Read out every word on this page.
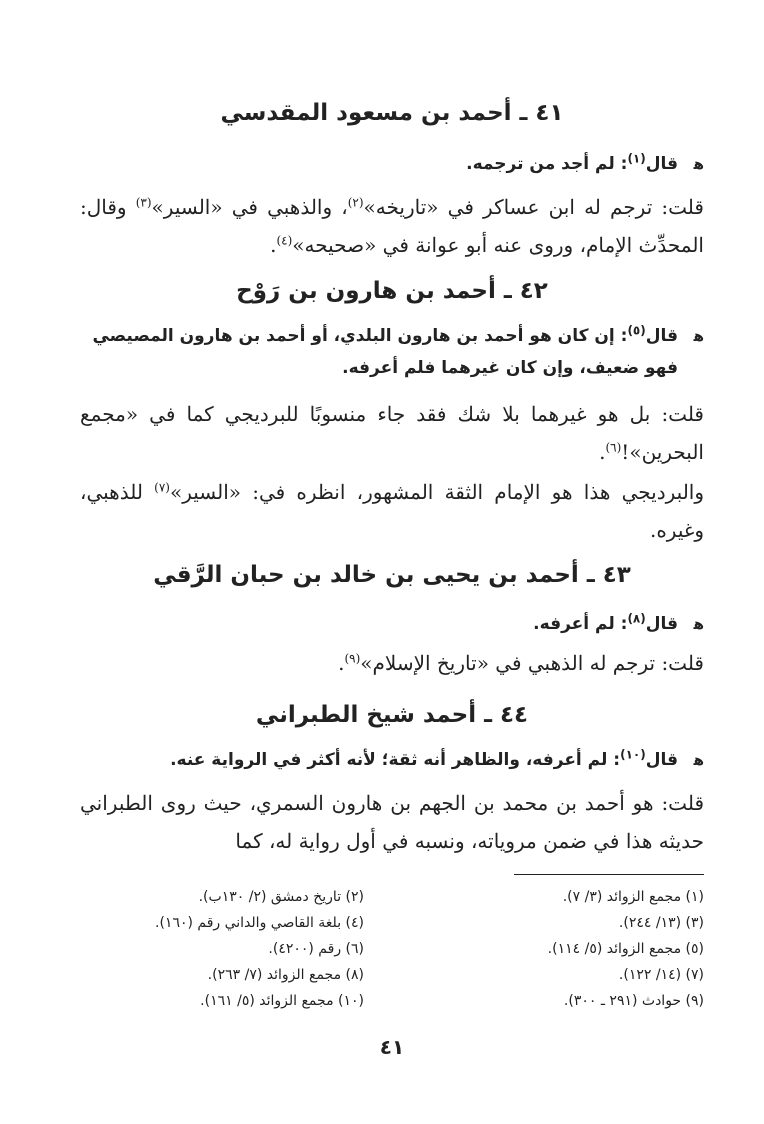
٤١ ـ أحمد بن مسعود المقدسي

ﻫ
قال$^{(١)}$: لم أجد من ترجمه.

قلت: ترجم له ابن عساكر في «تاريخه»$^{(٢)}$، والذهبي في «السير»$^{(٣)}$ وقال: المحدِّث الإمام، وروى عنه أبو عوانة في «صحيحه»$^{(٤)}$.

٤٢ ـ أحمد بن هارون بن رَوْح

ﻫ
قال$^{(٥)}$: إن كان هو أحمد بن هارون البلدي، أو أحمد بن هارون المصيصي فهو ضعيف، وإن كان غيرهما فلم أعرفه.

قلت: بل هو غيرهما بلا شك فقد جاء منسوبًا للبرديجي كما في «مجمع البحرين»!$^{(٦)}$.

والبرديجي هذا هو الإمام الثقة المشهور، انظره في: «السير»$^{(٧)}$ للذهبي، وغيره.

٤٣ ـ أحمد بن يحيى بن خالد بن حبان الرَّقي

ﻫ
قال$^{(٨)}$: لم أعرفه.

قلت: ترجم له الذهبي في «تاريخ الإسلام»$^{(٩)}$.

٤٤ ـ أحمد شيخ الطبراني

ﻫ
قال$^{(١٠)}$: لم أعرفه، والظاهر أنه ثقة؛ لأنه أكثر في الرواية عنه.

قلت: هو أحمد بن محمد بن الجهم بن هارون السمري، حيث روى الطبراني حديثه هذا في ضمن مروياته، ونسبه في أول رواية له، كما

(١) مجمع الزوائد (٣/ ٧).
(٢) تاريخ دمشق (٢/ ١٣٠ب).
(٣) (١٣/ ٢٤٤).
(٤) بلغة القاصي والداني رقم (١٦٠).
(٥) مجمع الزوائد (٥/ ١١٤).
(٦) رقم (٤٢٠٠).
(٧) (١٤/ ١٢٢).
(٨) مجمع الزوائد (٧/ ٢٦٣).
(٩) حوادث (٢٩١ ـ ٣٠٠).
(١٠) مجمع الزوائد (٥/ ١٦١).
٤١
